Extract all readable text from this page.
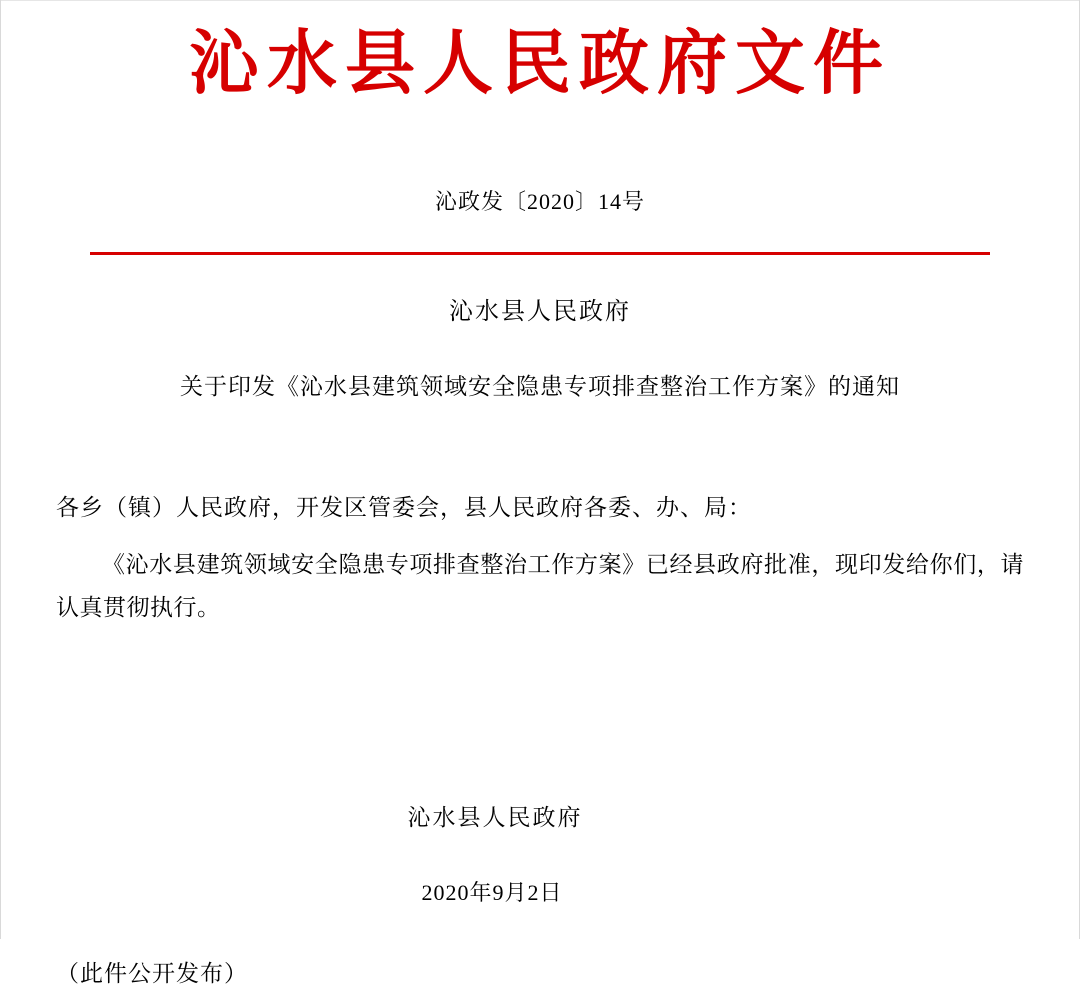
沁水县人民政府文件
沁政发〔2020〕14号
沁水县人民政府
关于印发《沁水县建筑领域安全隐患专项排查整治工作方案》的通知
各乡（镇）人民政府，开发区管委会，县人民政府各委、办、局：
《沁水县建筑领域安全隐患专项排查整治工作方案》已经县政府批准，现印发给你们，请认真贯彻执行。
沁水县人民政府
2020年9月2日
（此件公开发布）
